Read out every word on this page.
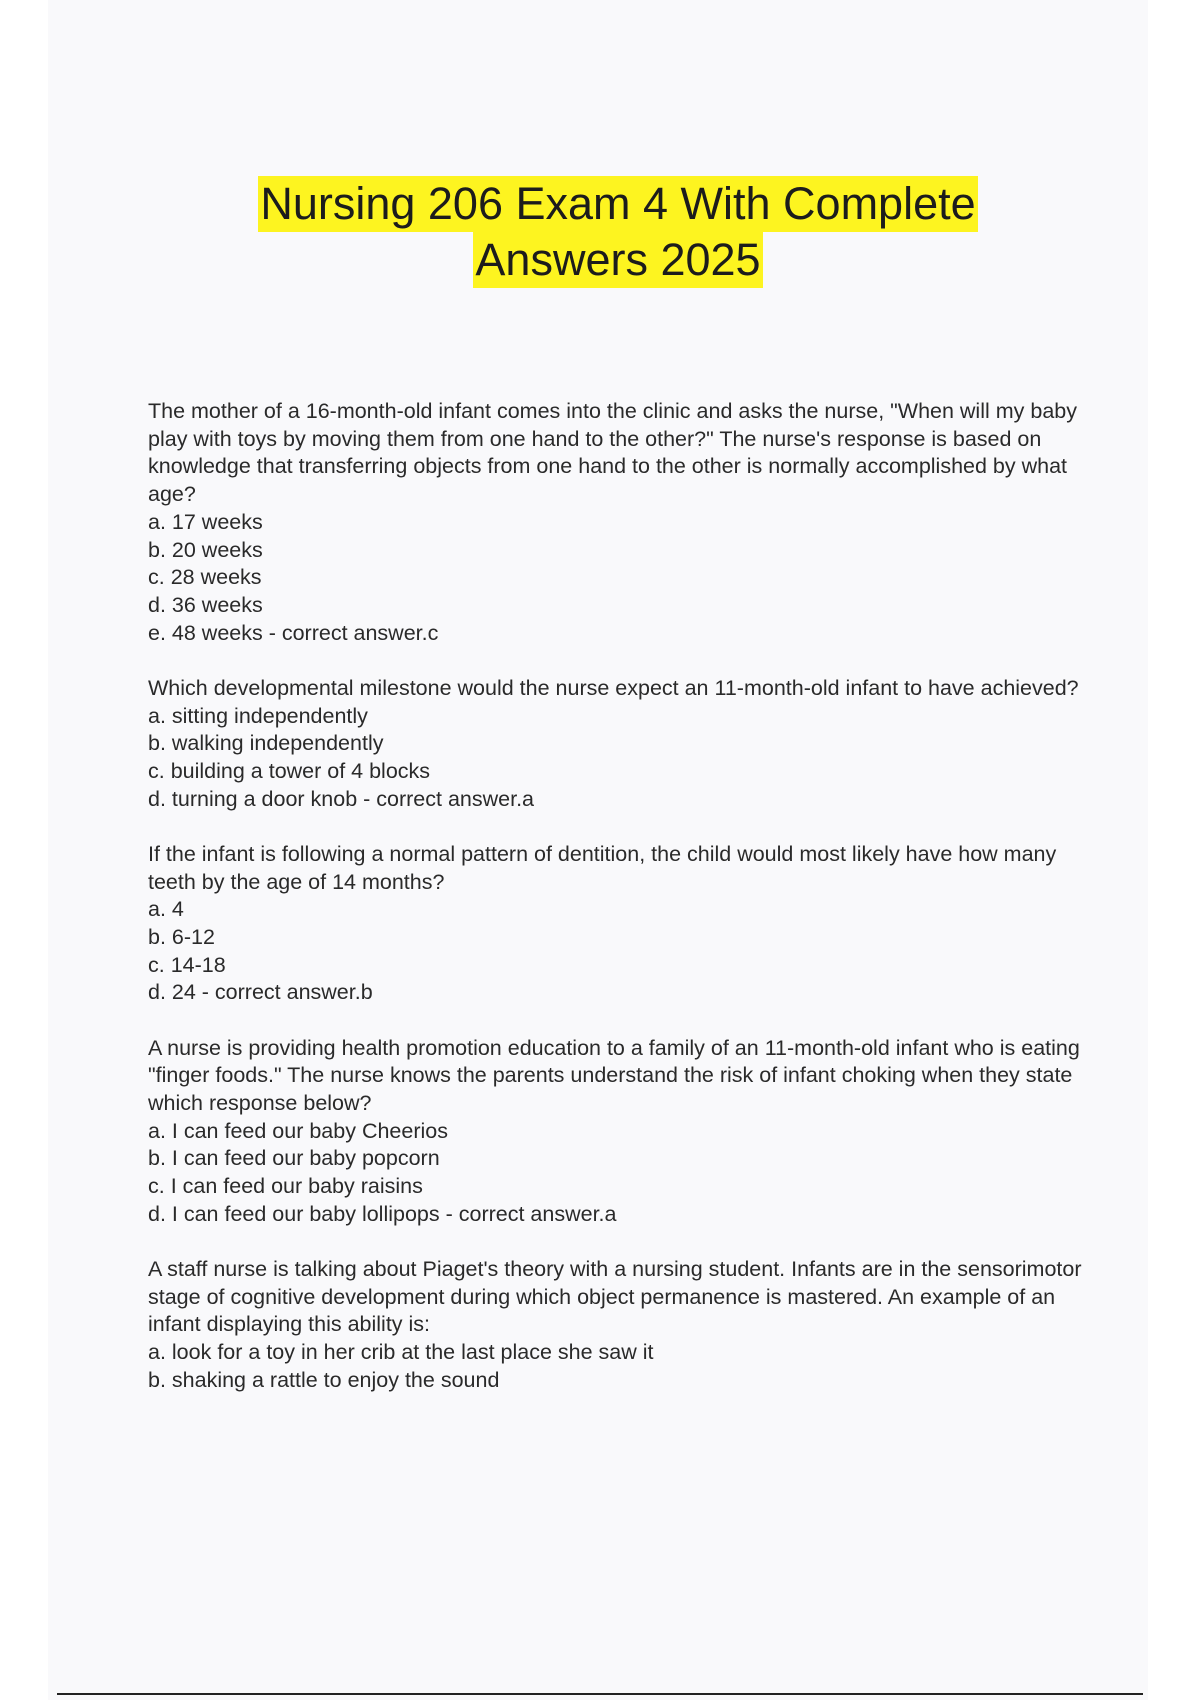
Nursing 206 Exam 4 With Complete
Answers 2025

The mother of a 16-month-old infant comes into the clinic and asks the nurse, "When will my baby play with toys by moving them from one hand to the other?" The nurse's response is based on knowledge that transferring objects from one hand to the other is normally accomplished by what age?

a. 17 weeks
b. 20 weeks
c. 28 weeks
d. 36 weeks
e. 48 weeks - correct answer.c

Which developmental milestone would the nurse expect an 11-month-old infant to have achieved?

a. sitting independently
b. walking independently
c. building a tower of 4 blocks
d. turning a door knob - correct answer.a

If the infant is following a normal pattern of dentition, the child would most likely have how many teeth by the age of 14 months?

a. 4
b. 6-12
c. 14-18
d. 24 - correct answer.b

A nurse is providing health promotion education to a family of an 11-month-old infant who is eating "finger foods." The nurse knows the parents understand the risk of infant choking when they state which response below?

a. I can feed our baby Cheerios
b. I can feed our baby popcorn
c. I can feed our baby raisins
d. I can feed our baby lollipops - correct answer.a

A staff nurse is talking about Piaget's theory with a nursing student. Infants are in the sensorimotor stage of cognitive development during which object permanence is mastered. An example of an infant displaying this ability is:

a. look for a toy in her crib at the last place she saw it
b. shaking a rattle to enjoy the sound
